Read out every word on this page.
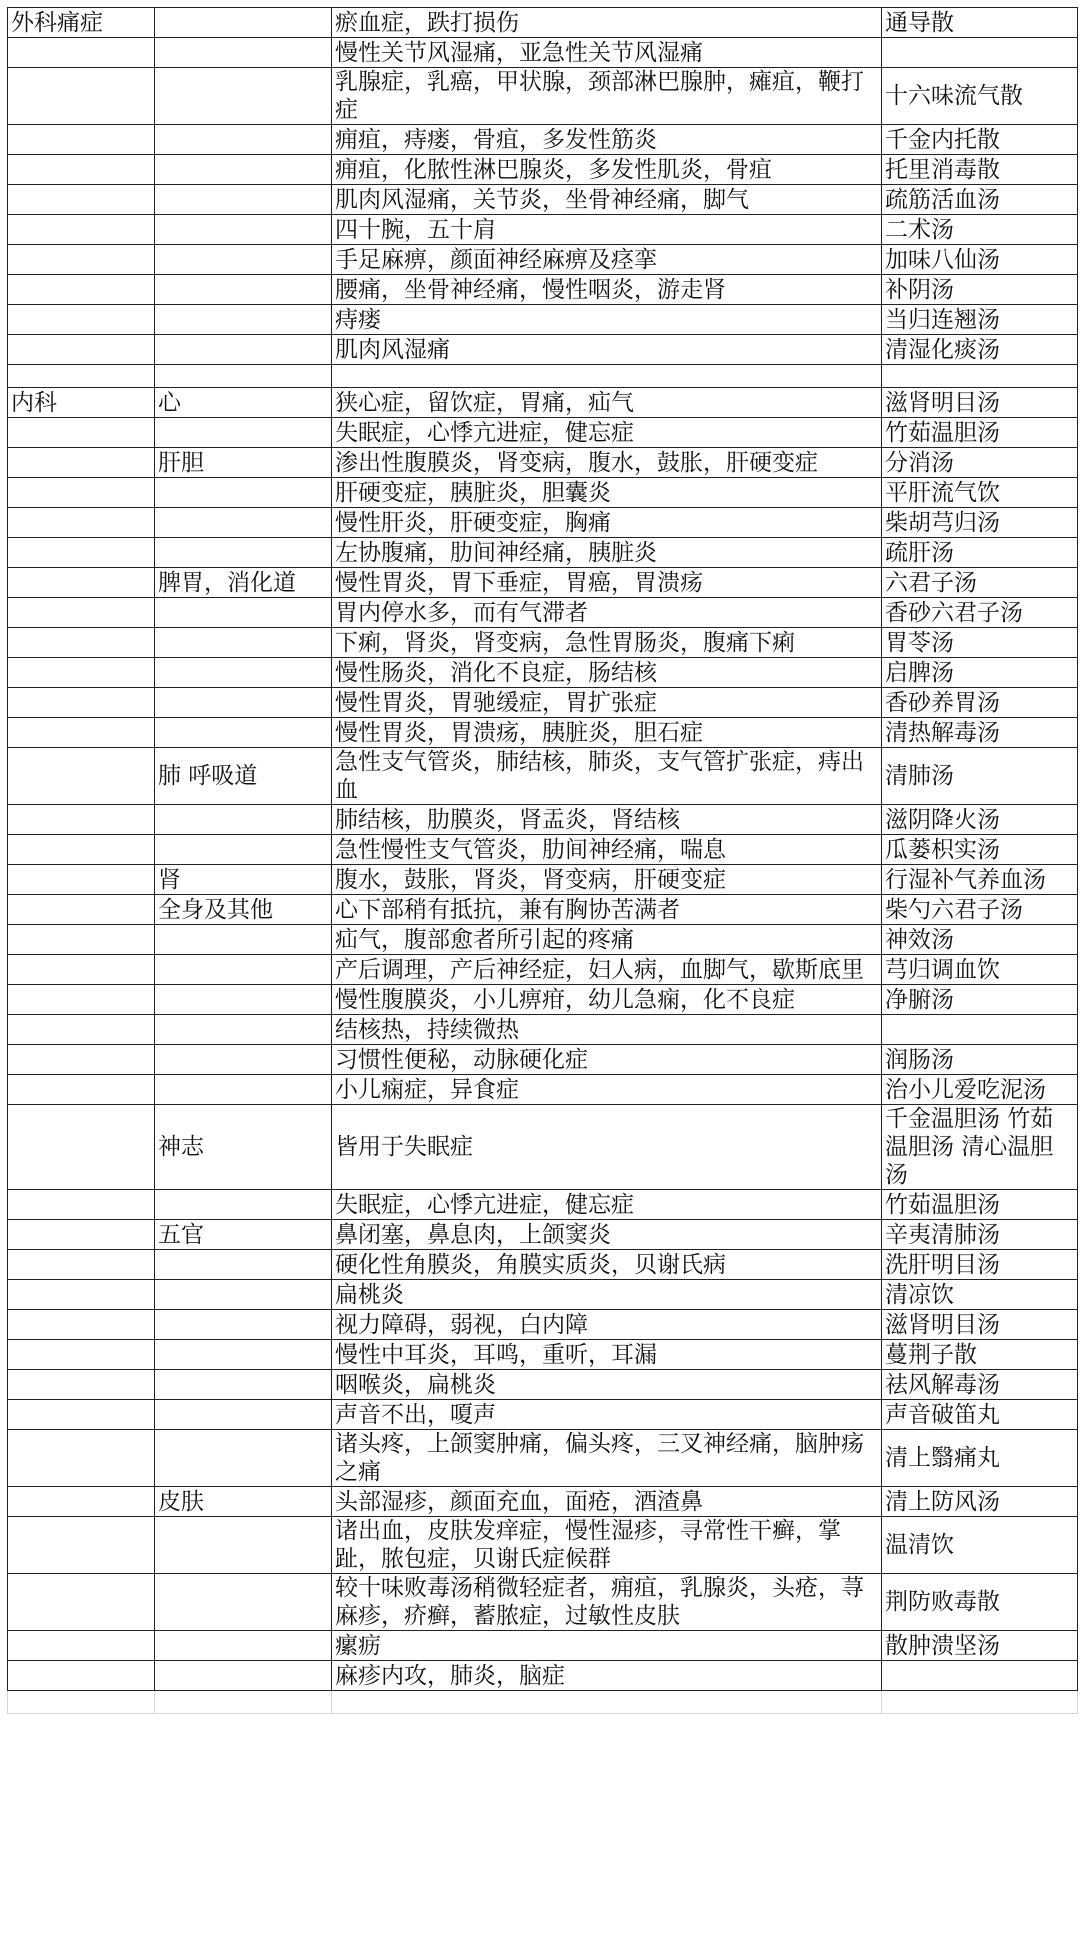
外科痛症		瘀血症，跌打损伤	通导散
		慢性关节风湿痛，亚急性关节风湿痛	
		乳腺症，乳癌，甲状腺，颈部淋巴腺肿，瘫疽，鞭打症	十六味流气散
		痈疽，痔瘘，骨疽，多发性筋炎	千金内托散
		痈疽，化脓性淋巴腺炎，多发性肌炎，骨疽	托里消毒散
		肌肉风湿痛，关节炎，坐骨神经痛，脚气	疏筋活血汤
		四十腕，五十肩	二术汤
		手足麻痹，颜面神经麻痹及痉挛	加味八仙汤
		腰痛，坐骨神经痛，慢性咽炎，游走肾	补阴汤
		痔瘘	当归连翘汤
		肌肉风湿痛	清湿化痰汤

内科	心	狭心症，留饮症，胃痛，疝气	滋肾明目汤
		失眠症，心悸亢进症，健忘症	竹茹温胆汤
	肝胆	渗出性腹膜炎，肾变病，腹水，鼓胀，肝硬变症	分消汤
		肝硬变症，胰脏炎，胆囊炎	平肝流气饮
		慢性肝炎，肝硬变症，胸痛	柴胡芎归汤
		左协腹痛，肋间神经痛，胰脏炎	疏肝汤
	脾胃，消化道	慢性胃炎，胃下垂症，胃癌，胃溃疡	六君子汤
		胃内停水多，而有气滞者	香砂六君子汤
		下痢，肾炎，肾变病，急性胃肠炎，腹痛下痢	胃苓汤
		慢性肠炎，消化不良症，肠结核	启脾汤
		慢性胃炎，胃驰缓症，胃扩张症	香砂养胃汤
		慢性胃炎，胃溃疡，胰脏炎，胆石症	清热解毒汤
	肺 呼吸道	急性支气管炎，肺结核，肺炎，支气管扩张症，痔出血	清肺汤
		肺结核，肋膜炎，肾盂炎，肾结核	滋阴降火汤
		急性慢性支气管炎，肋间神经痛，喘息	瓜蒌枳实汤
	肾	腹水，鼓胀，肾炎，肾变病，肝硬变症	行湿补气养血汤
	全身及其他	心下部稍有抵抗，兼有胸协苦满者	柴勺六君子汤
		疝气，腹部愈者所引起的疼痛	神效汤
		产后调理，产后神经症，妇人病，血脚气，歇斯底里	芎归调血饮
		慢性腹膜炎，小儿痹疳，幼儿急痫，化不良症	净腑汤
		结核热，持续微热	
		习惯性便秘，动脉硬化症	润肠汤
		小儿痫症，异食症	治小儿爱吃泥汤
	神志	皆用于失眠症	千金温胆汤 竹茹温胆汤 清心温胆汤
		失眠症，心悸亢进症，健忘症	竹茹温胆汤
	五官	鼻闭塞，鼻息肉，上颌窦炎	辛夷清肺汤
		硬化性角膜炎，角膜实质炎，贝谢氏病	洗肝明目汤
		扁桃炎	清凉饮
		视力障碍，弱视，白内障	滋肾明目汤
		慢性中耳炎，耳鸣，重听，耳漏	蔓荆子散
		咽喉炎，扁桃炎	祛风解毒汤
		声音不出，嗄声	声音破笛丸
		诸头疼，上颌窦肿痛，偏头疼，三叉神经痛，脑肿疡之痛	清上翳痛丸
	皮肤	头部湿疹，颜面充血，面疮，酒渣鼻	清上防风汤
		诸出血，皮肤发痒症，慢性湿疹，寻常性干癣，掌趾，脓包症，贝谢氏症候群	温清饮
		较十味败毒汤稍微轻症者，痈疽，乳腺炎，头疮，荨麻疹，疥癣，蓄脓症，过敏性皮肤	荆防败毒散
		瘰疬	散肿溃坚汤
		麻疹内攻，肺炎，脑症	
